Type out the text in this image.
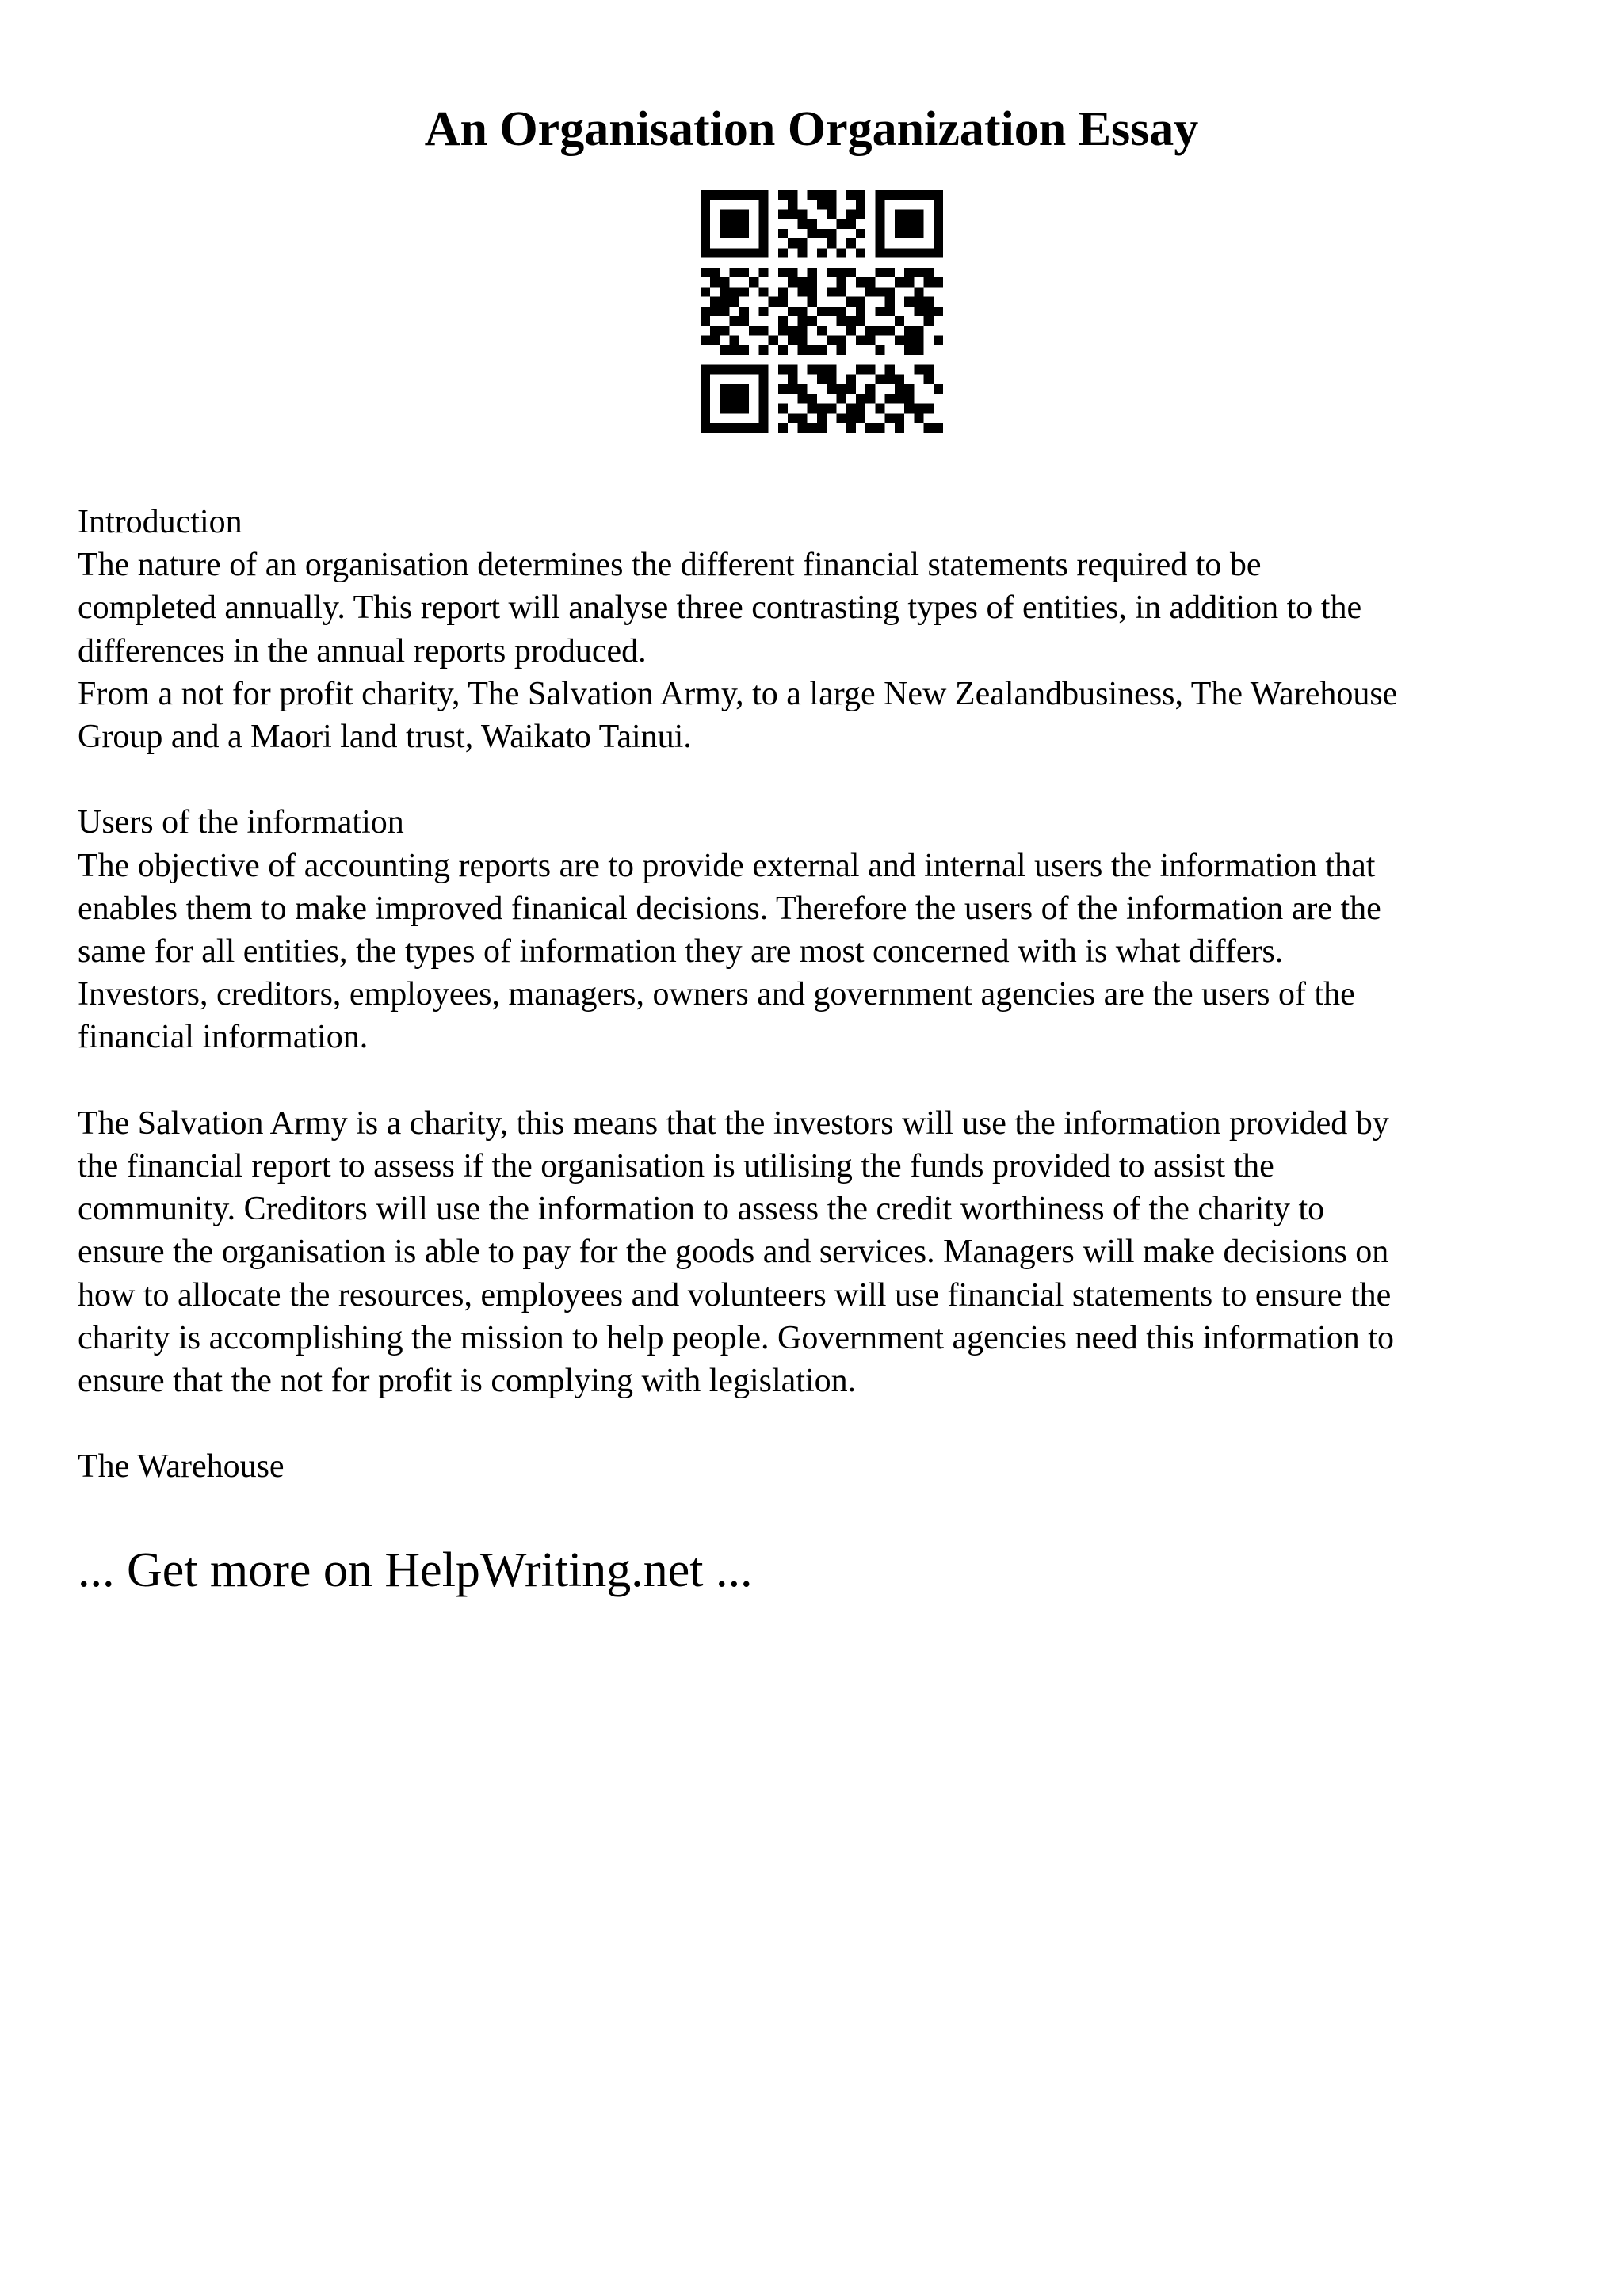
An Organisation Organization Essay

Introduction

The nature of an organisation determines the different financial statements required to be
completed annually. This report will analyse three contrasting types of entities, in addition to the
differences in the annual reports produced.

From a not for profit charity, The Salvation Army, to a large New Zealandbusiness, The Warehouse
Group and a Maori land trust, Waikato Tainui.

Users of the information

The objective of accounting reports are to provide external and internal users the information that
enables them to make improved finanical decisions. Therefore the users of the information are the
same for all entities, the types of information they are most concerned with is what differs.
Investors, creditors, employees, managers, owners and government agencies are the users of the
financial information.

The Salvation Army is a charity, this means that the investors will use the information provided by
the financial report to assess if the organisation is utilising the funds provided to assist the
community. Creditors will use the information to assess the credit worthiness of the charity to
ensure the organisation is able to pay for the goods and services. Managers will make decisions on
how to allocate the resources, employees and volunteers will use financial statements to ensure the
charity is accomplishing the mission to help people. Government agencies need this information to
ensure that the not for profit is complying with legislation.

The Warehouse

... Get more on HelpWriting.net ...
